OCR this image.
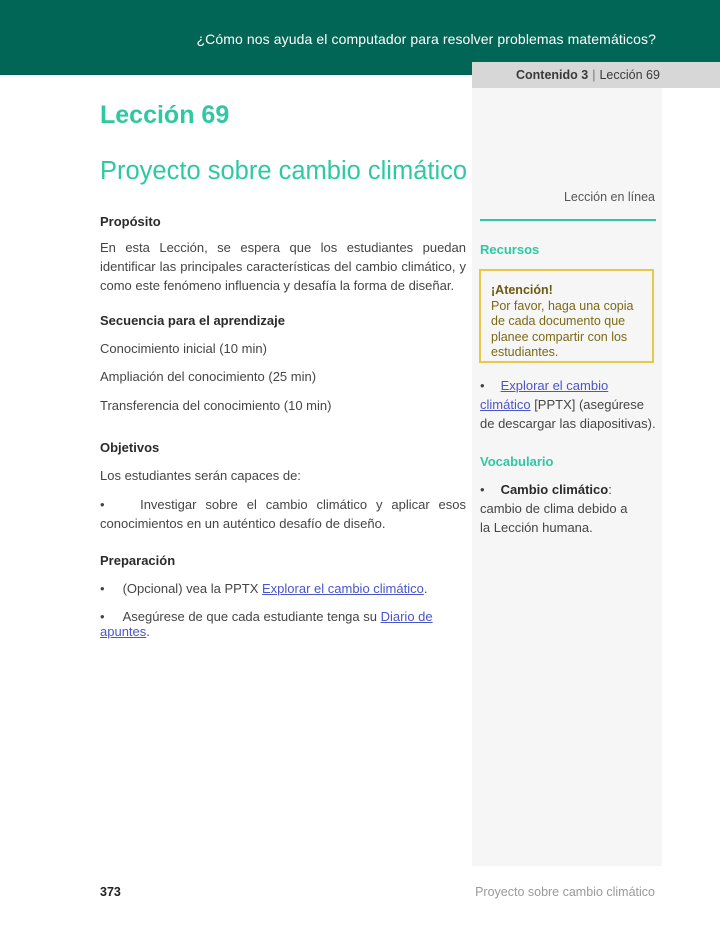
¿Cómo nos ayuda el computador para resolver problemas matemáticos?
Contenido 3 | Lección 69
Lección 69
Proyecto sobre cambio climático
Propósito
En esta Lección, se espera que los estudiantes puedan identificar las principales características del cambio climático, y como este fenómeno influencia y desafía la forma de diseñar.
Secuencia para el aprendizaje
Conocimiento inicial (10 min)
Ampliación del conocimiento (25 min)
Transferencia del conocimiento (10 min)
Objetivos
Los estudiantes serán capaces de:
•	Investigar sobre el cambio climático y aplicar esos conocimientos en un auténtico desafío de diseño.
Preparación
• (Opcional) vea la PPTX Explorar el cambio climático.
• Asegúrese de que cada estudiante tenga su Diario de apuntes.
Lección en línea
Recursos
¡Atención!
Por favor, haga una copia de cada documento que planee compartir con los estudiantes.
• Explorar el cambio climático [PPTX] (asegúrese de descargar las diapositivas).
Vocabulario
• Cambio climático: cambio de clima debido a la Lección humana.
373	Proyecto sobre cambio climático
